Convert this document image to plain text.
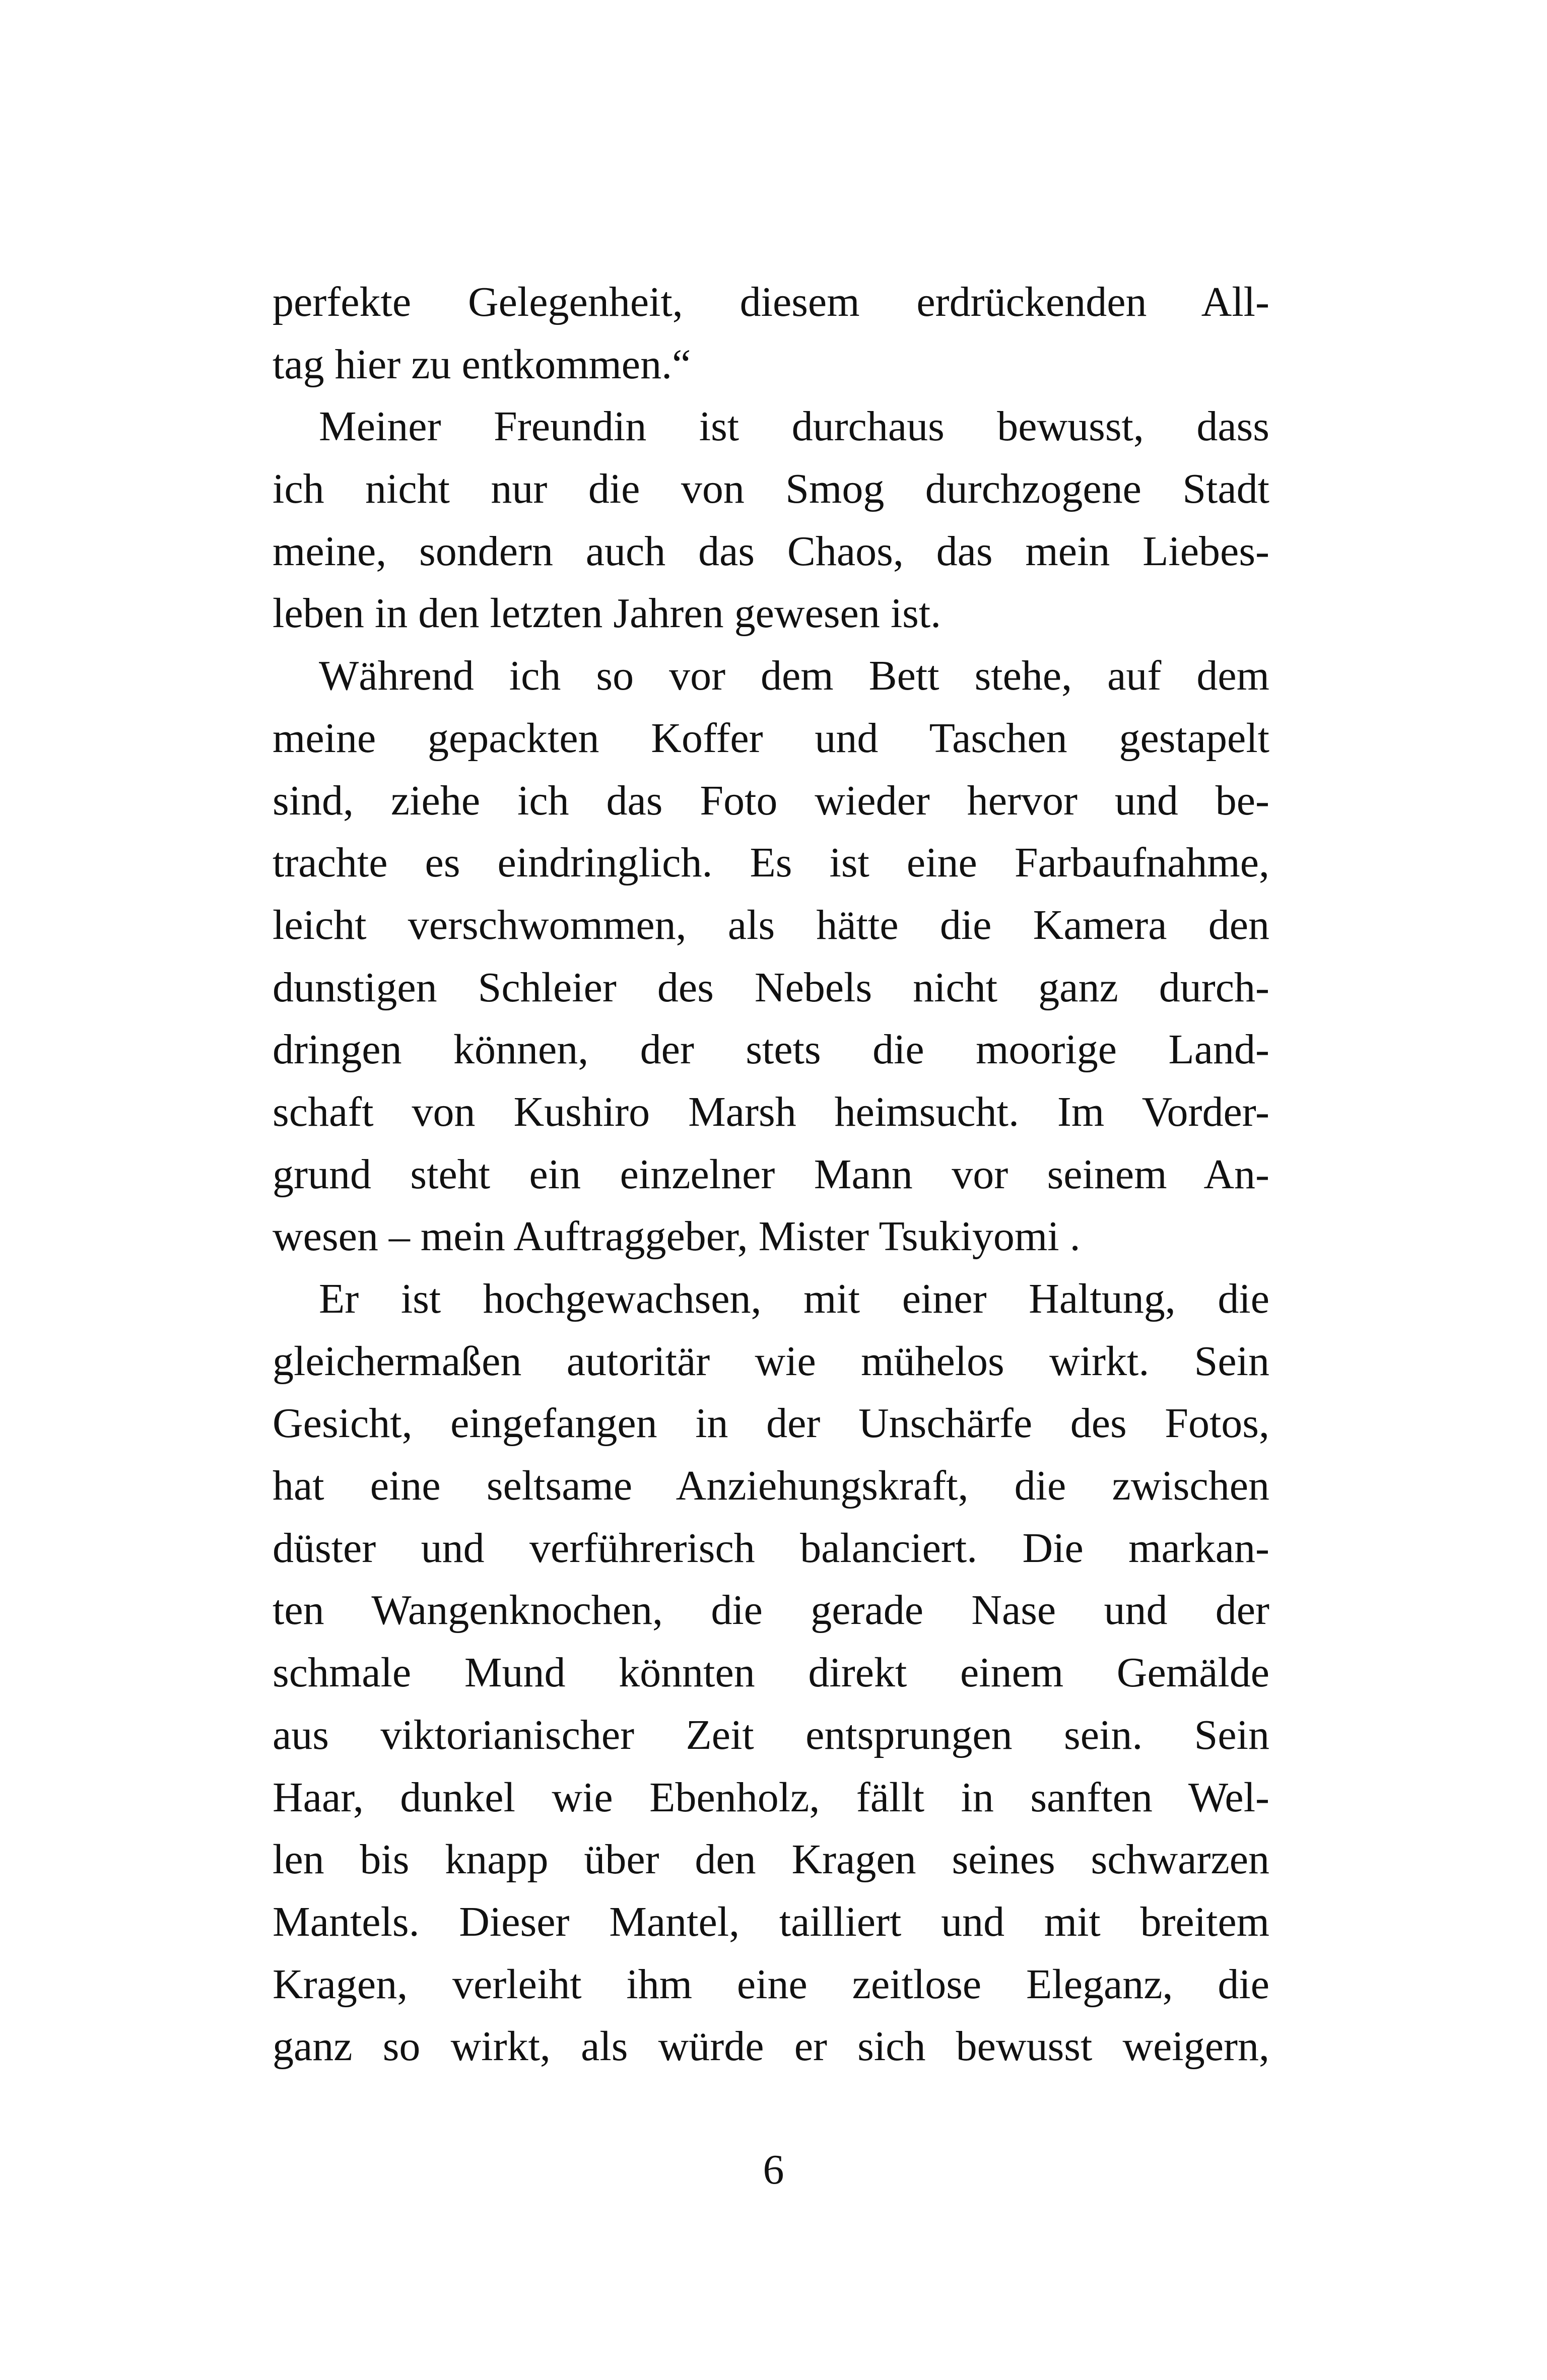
perfekte Gelegenheit, diesem erdrückenden All-
tag hier zu entkommen.“
Meiner Freundin ist durchaus bewusst, dass
ich nicht nur die von Smog durchzogene Stadt
meine, sondern auch das Chaos, das mein Liebes-
leben in den letzten Jahren gewesen ist.
Während ich so vor dem Bett stehe, auf dem
meine gepackten Koffer und Taschen gestapelt
sind, ziehe ich das Foto wieder hervor und be-
trachte es eindringlich. Es ist eine Farbaufnahme,
leicht verschwommen, als hätte die Kamera den
dunstigen Schleier des Nebels nicht ganz durch-
dringen können, der stets die moorige Land-
schaft von Kushiro Marsh heimsucht. Im Vorder-
grund steht ein einzelner Mann vor seinem An-
wesen – mein Auftraggeber, Mister Tsukiyomi .
Er ist hochgewachsen, mit einer Haltung, die
gleichermaßen autoritär wie mühelos wirkt. Sein
Gesicht, eingefangen in der Unschärfe des Fotos,
hat eine seltsame Anziehungskraft, die zwischen
düster und verführerisch balanciert. Die markan-
ten Wangenknochen, die gerade Nase und der
schmale Mund könnten direkt einem Gemälde
aus viktorianischer Zeit entsprungen sein. Sein
Haar, dunkel wie Ebenholz, fällt in sanften Wel-
len bis knapp über den Kragen seines schwarzen
Mantels. Dieser Mantel, tailliert und mit breitem
Kragen, verleiht ihm eine zeitlose Eleganz, die
ganz so wirkt, als würde er sich bewusst weigern,
6
